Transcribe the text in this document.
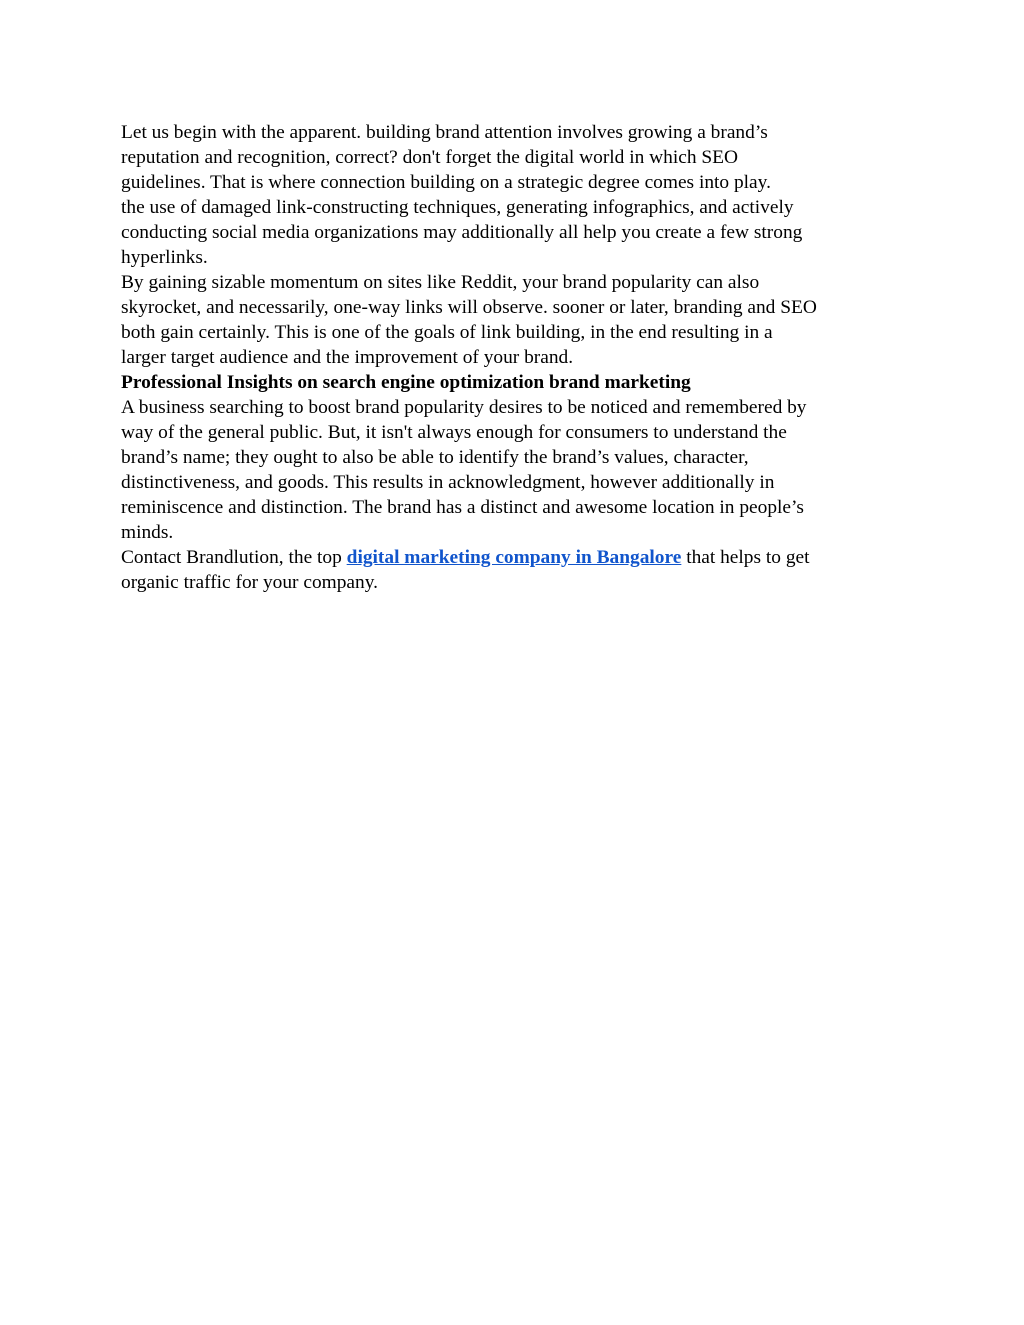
Let us begin with the apparent. building brand attention involves growing a brand’s
reputation and recognition, correct? don't forget the digital world in which SEO
guidelines. That is where connection building on a strategic degree comes into play.
the use of damaged link-constructing techniques, generating infographics, and actively
conducting social media organizations may additionally all help you create a few strong
hyperlinks.
By gaining sizable momentum on sites like Reddit, your brand popularity can also
skyrocket, and necessarily, one-way links will observe. sooner or later, branding and SEO
both gain certainly. This is one of the goals of link building, in the end resulting in a
larger target audience and the improvement of your brand.
Professional Insights on search engine optimization brand marketing
A business searching to boost brand popularity desires to be noticed and remembered by
way of the general public. But, it isn't always enough for consumers to understand the
brand’s name; they ought to also be able to identify the brand’s values, character,
distinctiveness, and goods. This results in acknowledgment, however additionally in
reminiscence and distinction. The brand has a distinct and awesome location in people’s
minds.
Contact Brandlution, the top digital marketing company in Bangalore that helps to get
organic traffic for your company.
